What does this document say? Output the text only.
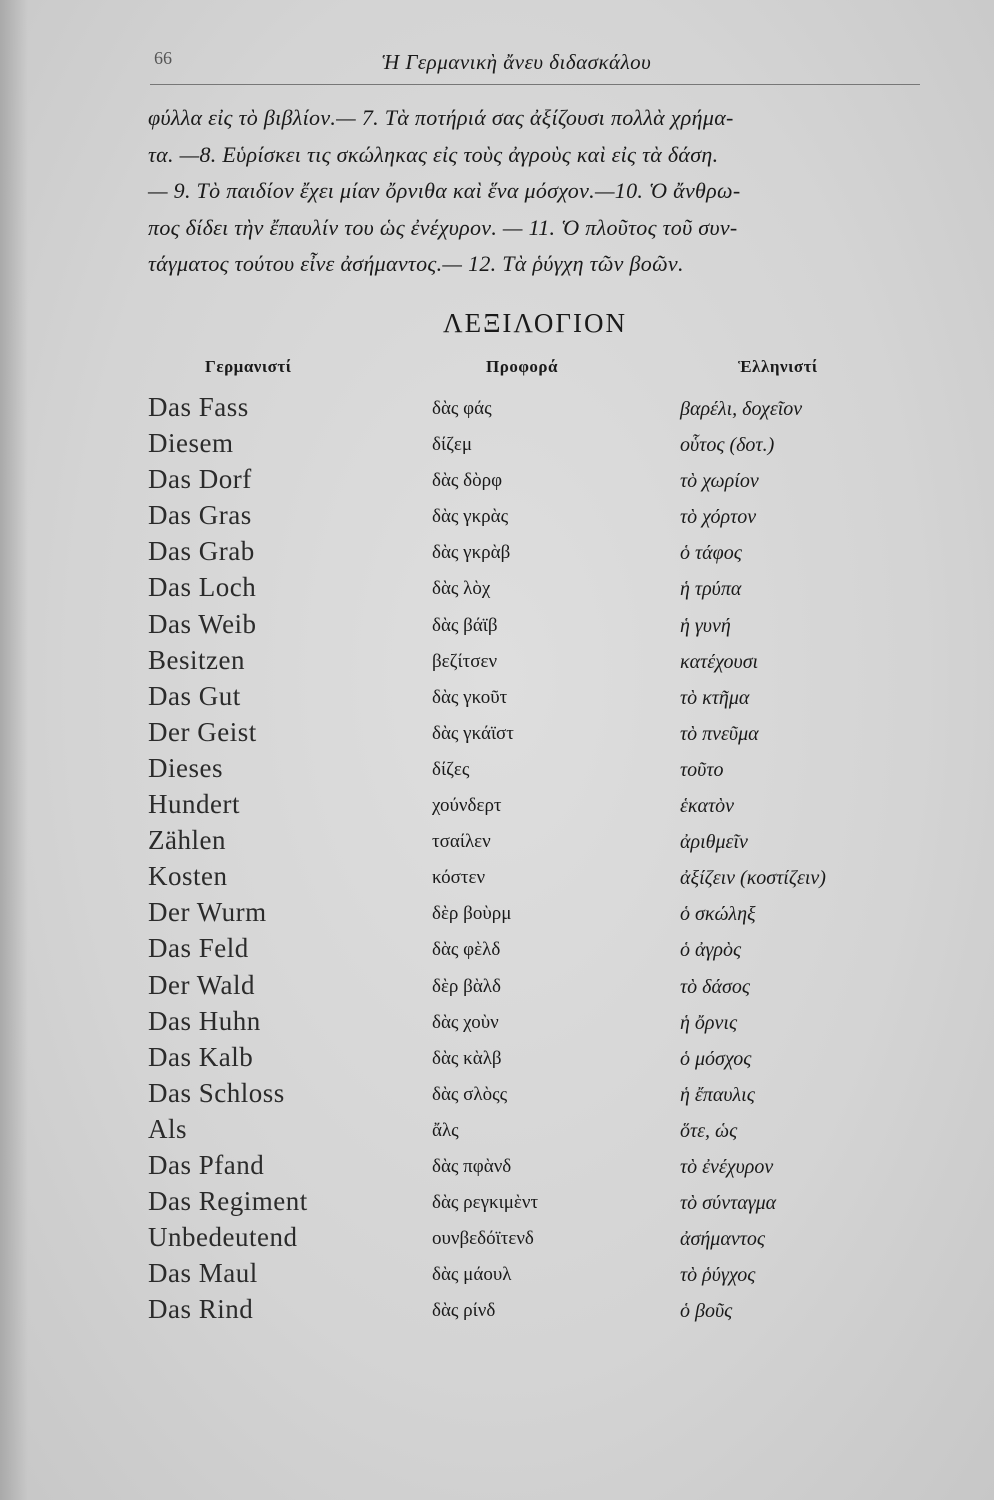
66	Ἡ Γερμανικὴ ἄνευ διδασκάλου
φύλλα εἰς τὸ βιβλίον.— 7. Τὰ ποτήριά σας ἀξίζουσι πολλὰ χρήμα-
τα. —8. Εὑρίσκει τις σκώληκας εἰς τοὺς ἀγροὺς καὶ εἰς τὰ δάση.
— 9. Τὸ παιδίον ἔχει μίαν ὄρνιθα καὶ ἕνα μόσχον.—10. Ὁ ἄνθρω-
πος δίδει τὴν ἔπαυλίν του ὡς ἐνέχυρον. — 11. Ὁ πλοῦτος τοῦ συν-
τάγματος τούτου εἶνε ἀσήμαντος.— 12. Τὰ ῥύγχη τῶν βοῶν.
ΛΕΞΙΛΟΓΙΟΝ
Γερμανιστί	Προφορά	Ἑλληνιστί
Das Fass	δὰς φάς	βαρέλι, δοχεῖον
Diesem	δίζεμ	οὗτος (δοτ.)
Das Dorf	δὰς δὸρφ	τὸ χωρίον
Das Gras	δὰς γκρὰς	τὸ χόρτον
Das Grab	δὰς γκρὰβ	ὁ τάφος
Das Loch	δὰς λὸχ	ἡ τρύπα
Das Weib	δὰς βάϊβ	ἡ γυνή
Besitzen	βεζίτσεν	κατέχουσι
Das Gut	δὰς γκοῦτ	τὸ κτῆμα
Der Geist	δὰς γκάϊστ	τὸ πνεῦμα
Dieses	δίζες	τοῦτο
Hundert	χούνδερτ	ἑκατὸν
Zählen	τσαίλεν	ἀριθμεῖν
Kosten	κόστεν	ἀξίζειν (κοστίζειν)
Der Wurm	δὲρ βοὺρμ	ὁ σκώληξ
Das Feld	δὰς φὲλδ	ὁ ἀγρὸς
Der Wald	δὲρ βὰλδ	τὸ δάσος
Das Huhn	δὰς χοὺν	ἡ ὄρνις
Das Kalb	δὰς κὰλβ	ὁ μόσχος
Das Schloss	δὰς σλὸςς	ἡ ἔπαυλις
Als	ἄλς	ὅτε, ὡς
Das Pfand	δὰς πφὰνδ	τὸ ἐνέχυρον
Das Regiment	δὰς ρεγκιμὲντ	τὸ σύνταγμα
Unbedeutend	ουνβεδόϊτενδ	ἀσήμαντος
Das Maul	δὰς μάουλ	τὸ ῥύγχος
Das Rind	δὰς ρίνδ	ὁ βοῦς
